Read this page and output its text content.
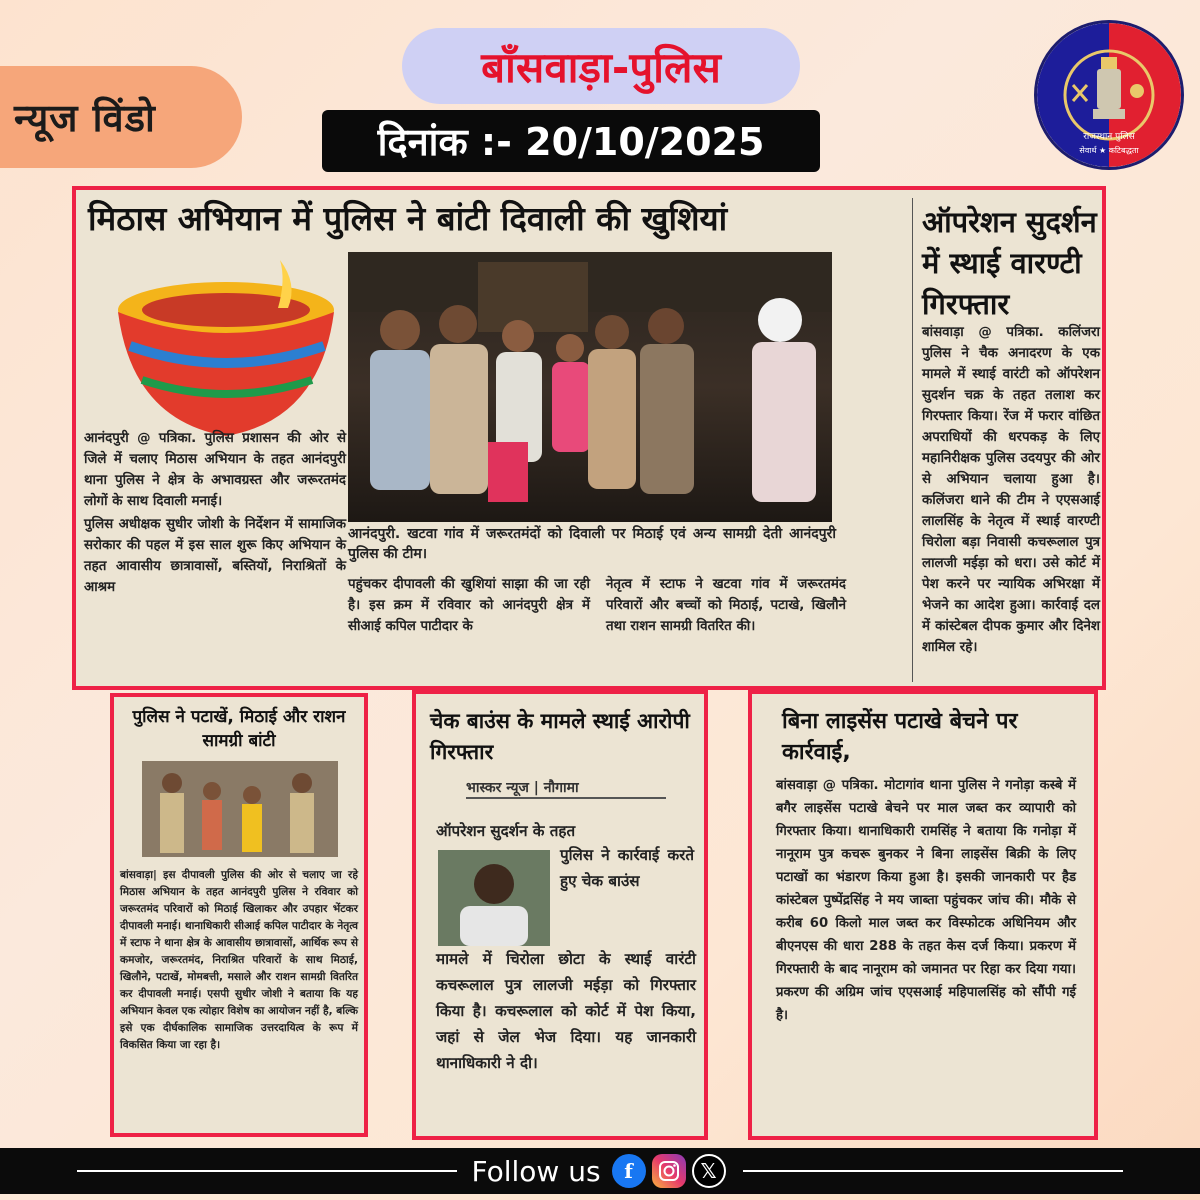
न्यूज विंडो
बाँसवाड़ा-पुलिस
दिनांक :- 20/10/2025	राजस्थान पुलिस
सेवार्थ ★ कटिबद्धता
मिठास अभियान में पुलिस ने बांटी दिवाली की खुशियां

आनंदपुरी. खटवा गांव में जरूरतमंदों को दिवाली पर मिठाई एवं अन्य सामग्री देती आनंदपुरी पुलिस की टीम।

आनंदपुरी @ पत्रिका. पुलिस प्रशासन की ओर से जिले में चलाए मिठास अभियान के तहत आनंदपुरी थाना पुलिस ने क्षेत्र के अभावग्रस्त और जरूरतमंद लोगों के साथ दिवाली मनाई।

पुलिस अधीक्षक सुधीर जोशी के निर्देशन में सामाजिक सरोकार की पहल में इस साल शुरू किए अभियान के तहत आवासीय छात्रावासों, बस्तियों, निराश्रितों के आश्रम	पहुंचकर दीपावली की खुशियां साझा की जा रही है। इस क्रम में रविवार को आनंदपुरी क्षेत्र में सीआई कपिल पाटीदार के

नेतृत्व में स्टाफ ने खटवा गांव में जरूरतमंद परिवारों और बच्चों को मिठाई, पटाखे, खिलौने तथा राशन सामग्री वितरित की।

ऑपरेशन सुदर्शन में स्थाई वारण्टी गिरफ्तार

बांसवाड़ा @ पत्रिका. कलिंजरा पुलिस ने चैक अनादरण के एक मामले में स्थाई वारंटी को ऑपरेशन सुदर्शन चक्र के तहत तलाश कर गिरफ्तार किया। रेंज में फरार वांछित अपराधियों की धरपकड़ के लिए महानिरीक्षक पुलिस उदयपुर की ओर से अभियान चलाया हुआ है। कलिंजरा थाने की टीम ने एएसआई लालसिंह के नेतृत्व में स्थाई वारण्टी चिरोला बड़ा निवासी कचरूलाल पुत्र लालजी मईड़ा को धरा। उसे कोर्ट में पेश करने पर न्यायिक अभिरक्षा में भेजने का आदेश हुआ। कार्रवाई दल में कांस्टेबल दीपक कुमार और दिनेश शामिल रहे।

पुलिस ने पटाखें, मिठाई और राशन सामग्री बांटी

बांसवाड़ा| इस दीपावली पुलिस की ओर से चलाए जा रहे मिठास अभियान के तहत आनंदपुरी पुलिस ने रविवार को जरूरतमंद परिवारों को मिठाई खिलाकर और उपहार भेंटकर दीपावली मनाई। थानाधिकारी सीआई कपिल पाटीदार के नेतृत्व में स्टाफ ने थाना क्षेत्र के आवासीय छात्रावासों, आर्थिक रूप से कमजोर, जरूरतमंद, निराश्रित परिवारों के साथ मिठाई, खिलौने, पटाखें, मोमबत्ती, मसाले और राशन सामग्री वितरित कर दीपावली मनाई। एसपी सुधीर जोशी ने बताया कि यह अभियान केवल एक त्योहार विशेष का आयोजन नहीं है, बल्कि इसे एक दीर्घकालिक सामाजिक उत्तरदायित्व के रूप में विकसित किया जा रहा है।

चेक बाउंस के मामले स्थाई आरोपी गिरफ्तार
भास्कर न्यूज | नौगामा

ऑपरेशन सुदर्शन के तहत

पुलिस ने कार्रवाई करते हुए चेक बाउंस

मामले में चिरोला छोटा के स्थाई वारंटी कचरूलाल पुत्र लालजी मईड़ा को गिरफ्तार किया है। कचरूलाल को कोर्ट में पेश किया, जहां से जेल भेज दिया। यह जानकारी थानाधिकारी ने दी।

बिना लाइसेंस पटाखे बेचने पर कार्रवाई,

बांसवाड़ा @ पत्रिका. मोटागांव थाना पुलिस ने गनोड़ा कस्बे में बगैर लाइसेंस पटाखे बेचने पर माल जब्त कर व्यापारी को गिरफ्तार किया। थानाधिकारी रामसिंह ने बताया कि गनोड़ा में नानूराम पुत्र कचरू बुनकर ने बिना लाइसेंस बिक्री के लिए पटाखों का भंडारण किया हुआ है। इसकी जानकारी पर हैड कांस्टेबल पुष्पेंद्रसिंह ने मय जाब्ता पहुंचकर जांच की। मौके से करीब 60 किलो माल जब्त कर विस्फोटक अधिनियम और बीएनएस की धारा 288 के तहत केस दर्ज किया। प्रकरण में गिरफ्तारी के बाद नानूराम को जमानत पर रिहा कर दिया गया। प्रकरण की अग्रिम जांच एएसआई महिपालसिंह को सौंपी गई है।

Follow us	f	𝕏
